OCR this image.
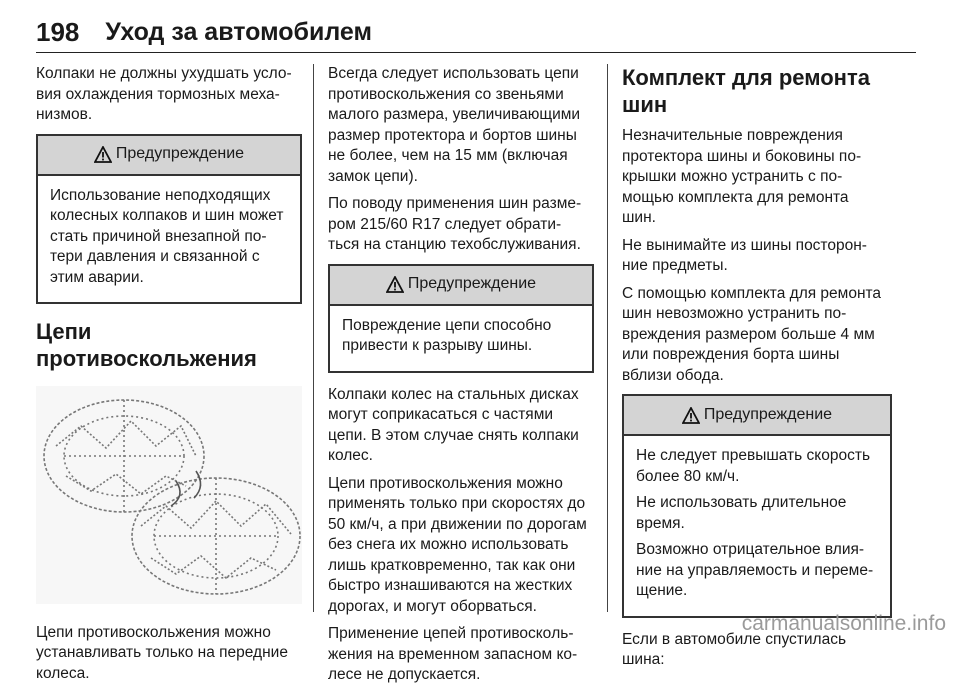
198 Уход за автомобилем

Колпаки не должны ухудшать усло-
вия охлаждения тормозных меха-
низмов.

Предупреждение

Использование неподходящих
колесных колпаков и шин может
стать причиной внезапной по-
тери давления и связанной с
этим аварии.

Цепи противоскольжения

Цепи противоскольжения можно
устанавливать только на передние
колеса.

Всегда следует использовать цепи
противоскольжения со звеньями
малого размера, увеличивающими
размер протектора и бортов шины
не более, чем на 15 мм (включая
замок цепи).

По поводу применения шин разме-
ром 215/60 R17 следует обрати-
ться на станцию техобслуживания.

Предупреждение

Повреждение цепи способно
привести к разрыву шины.

Колпаки колес на стальных дисках
могут соприкасаться с частями
цепи. В этом случае снять колпаки
колес.

Цепи противоскольжения можно
применять только при скоростях до
50 км/ч, а при движении по дорогам
без снега их можно использовать
лишь кратковременно, так как они
быстро изнашиваются на жестких
дорогах, и могут оборваться.

Применение цепей противоскoль-
жения на временном запасном ко-
лесе не допускается.

Комплект для ремонта
шин

Незначительные повреждения
протектора шины и боковины по-
крышки можно устранить с по-
мощью комплекта для ремонта
шин.

Не вынимайте из шины посторон-
ние предметы.

С помощью комплекта для ремонта
шин невозможно устранить по-
вреждения размером больше 4 мм
или повреждения борта шины
вблизи обода.

Предупреждение

Не следует превышать скорость
более 80 км/ч.

Не использовать длительное
время.

Возможно отрицательное влия-
ние на управляемость и переме-
щение.

Если в автомобиле спустилась
шина:

carmanualsonline.info
